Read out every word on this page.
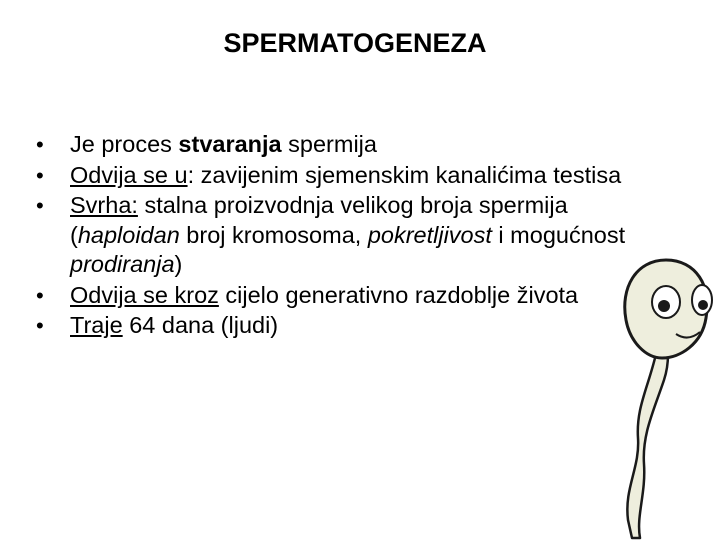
SPERMATOGENEZA
• Je proces stvaranja spermija
• Odvija se u: zavijenim sjemenskim kanalićima testisa
• Svrha: stalna proizvodnja velikog broja spermija (haploidan broj kromosoma, pokretljivost i mogućnost prodiranja)
• Odvija se kroz cijelo generativno razdoblje života
• Traje 64 dana (ljudi)
